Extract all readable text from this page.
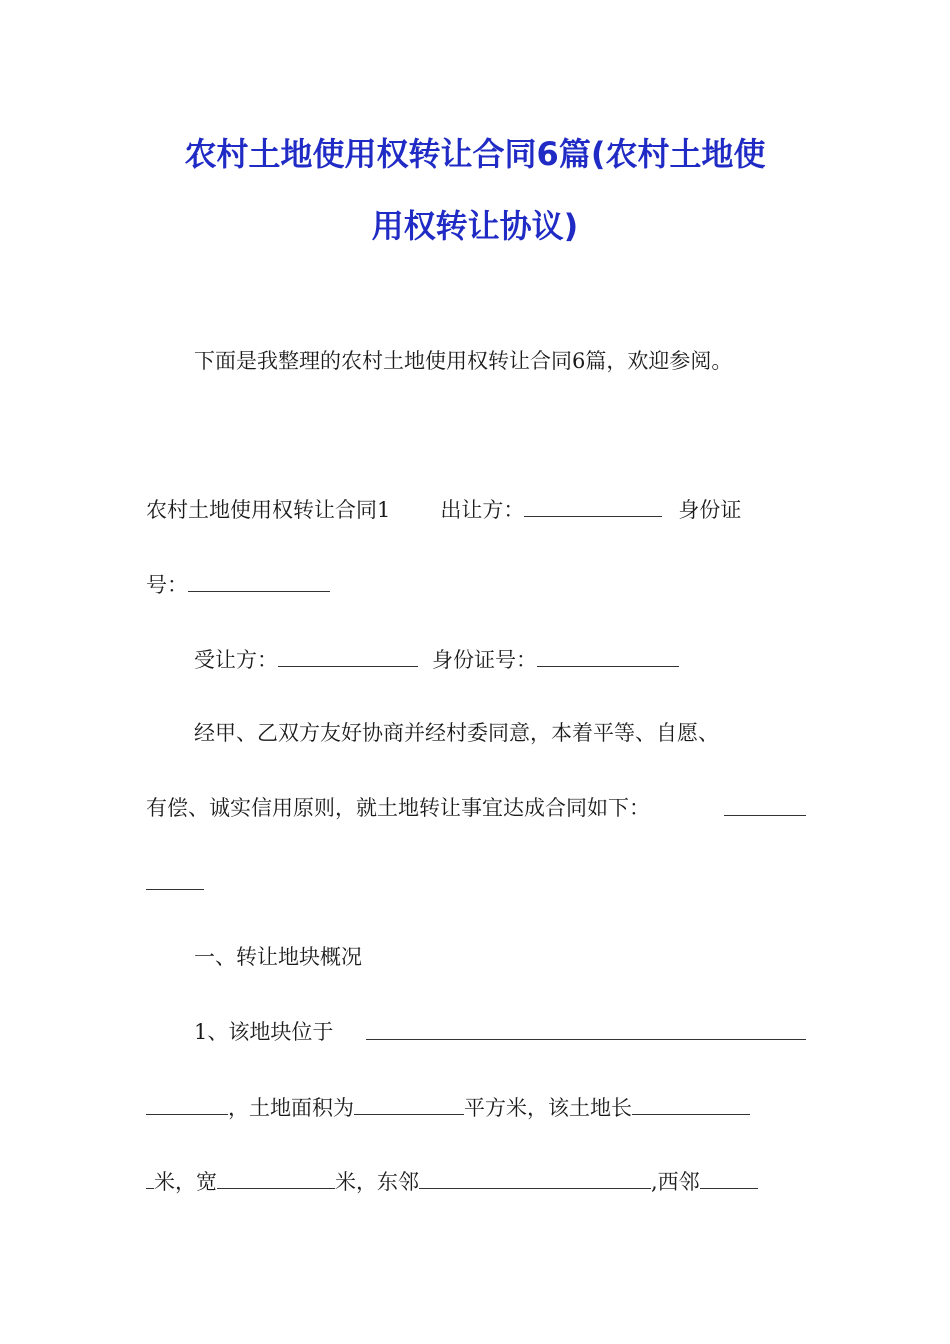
农村土地使用权转让合同6篇(农村土地使
用权转让协议)

下面是我整理的农村土地使用权转让合同6篇，欢迎参阅。

农村土地使用权转让合同1 出让方：	身份证
号：
受让方：	身份证号：

经甲、乙双方友好协商并经村委同意，本着平等、自愿、

有偿、诚实信用原则，就土地转让事宜达成合同如下：

一、转让地块概况

1、该地块位于
，土地面积为	平方米，该土地长
米，宽	米，东邻	,西邻
